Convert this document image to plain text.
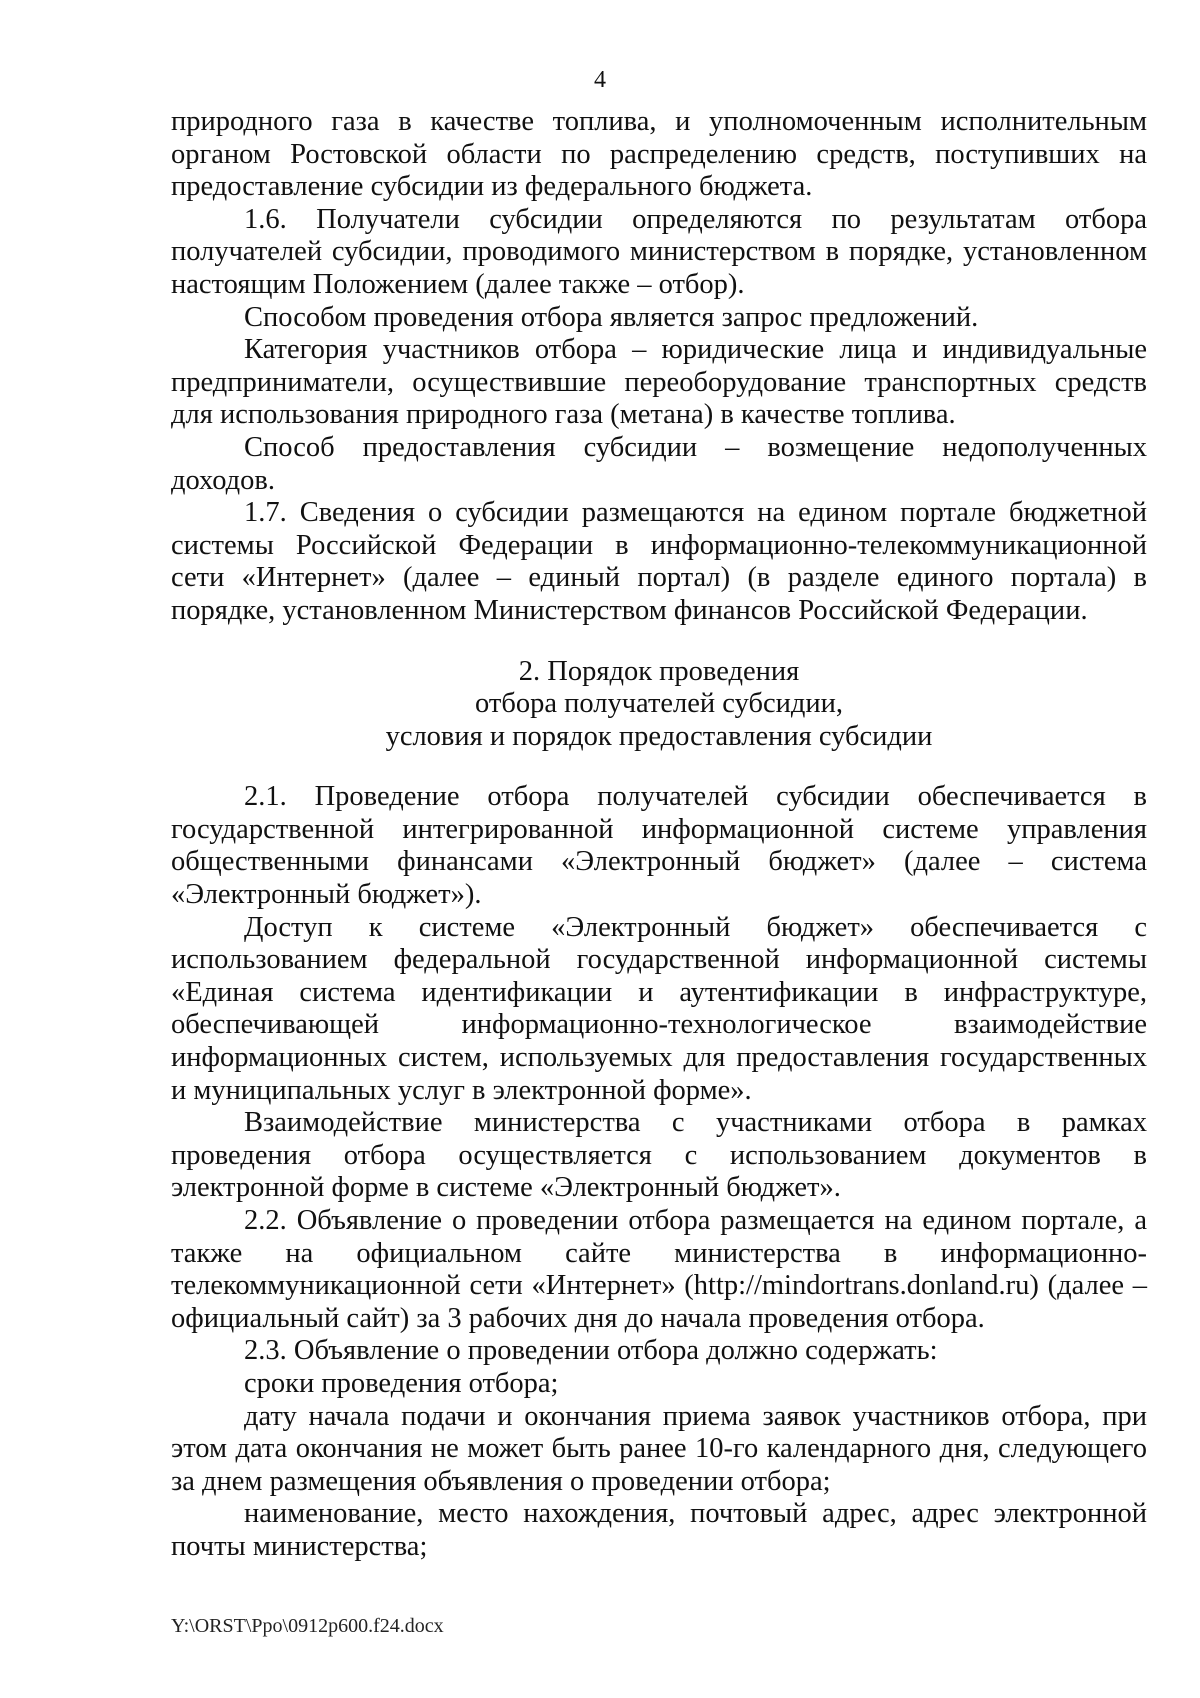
4

природного газа в качестве топлива, и уполномоченным исполнительным органом Ростовской области по распределению средств, поступивших на предоставление субсидии из федерального бюджета.

1.6. Получатели субсидии определяются по результатам отбора получателей субсидии, проводимого министерством в порядке, установленном настоящим Положением (далее также – отбор).

Способом проведения отбора является запрос предложений.

Категория участников отбора – юридические лица и индивидуальные предприниматели, осуществившие переоборудование транспортных средств для использования природного газа (метана) в качестве топлива.

Способ предоставления субсидии – возмещение недополученных доходов.

1.7. Сведения о субсидии размещаются на едином портале бюджетной системы Российской Федерации в информационно-телекоммуникационной сети «Интернет» (далее – единый портал) (в разделе единого портала) в порядке, установленном Министерством финансов Российской Федерации.

2. Порядок проведения
отбора получателей субсидии,
условия и порядок предоставления субсидии

2.1. Проведение отбора получателей субсидии обеспечивается в государственной интегрированной информационной системе управления общественными финансами «Электронный бюджет» (далее – система «Электронный бюджет»).

Доступ к системе «Электронный бюджет» обеспечивается с использованием федеральной государственной информационной системы «Единая система идентификации и аутентификации в инфраструктуре, обеспечивающей информационно-технологическое взаимодействие информационных систем, используемых для предоставления государственных и муниципальных услуг в электронной форме».

Взаимодействие министерства с участниками отбора в рамках проведения отбора осуществляется с использованием документов в электронной форме в системе «Электронный бюджет».

2.2. Объявление о проведении отбора размещается на едином портале, а также на официальном сайте министерства в информационно-телекоммуникационной сети «Интернет» (http://mindortrans.donland.ru) (далее – официальный сайт) за 3 рабочих дня до начала проведения отбора.

2.3. Объявление о проведении отбора должно содержать:

сроки проведения отбора;

дату начала подачи и окончания приема заявок участников отбора, при этом дата окончания не может быть ранее 10-го календарного дня, следующего за днем размещения объявления о проведении отбора;

наименование, место нахождения, почтовый адрес, адрес электронной почты министерства;

Y:\ORST\Ppo\0912p600.f24.docx
